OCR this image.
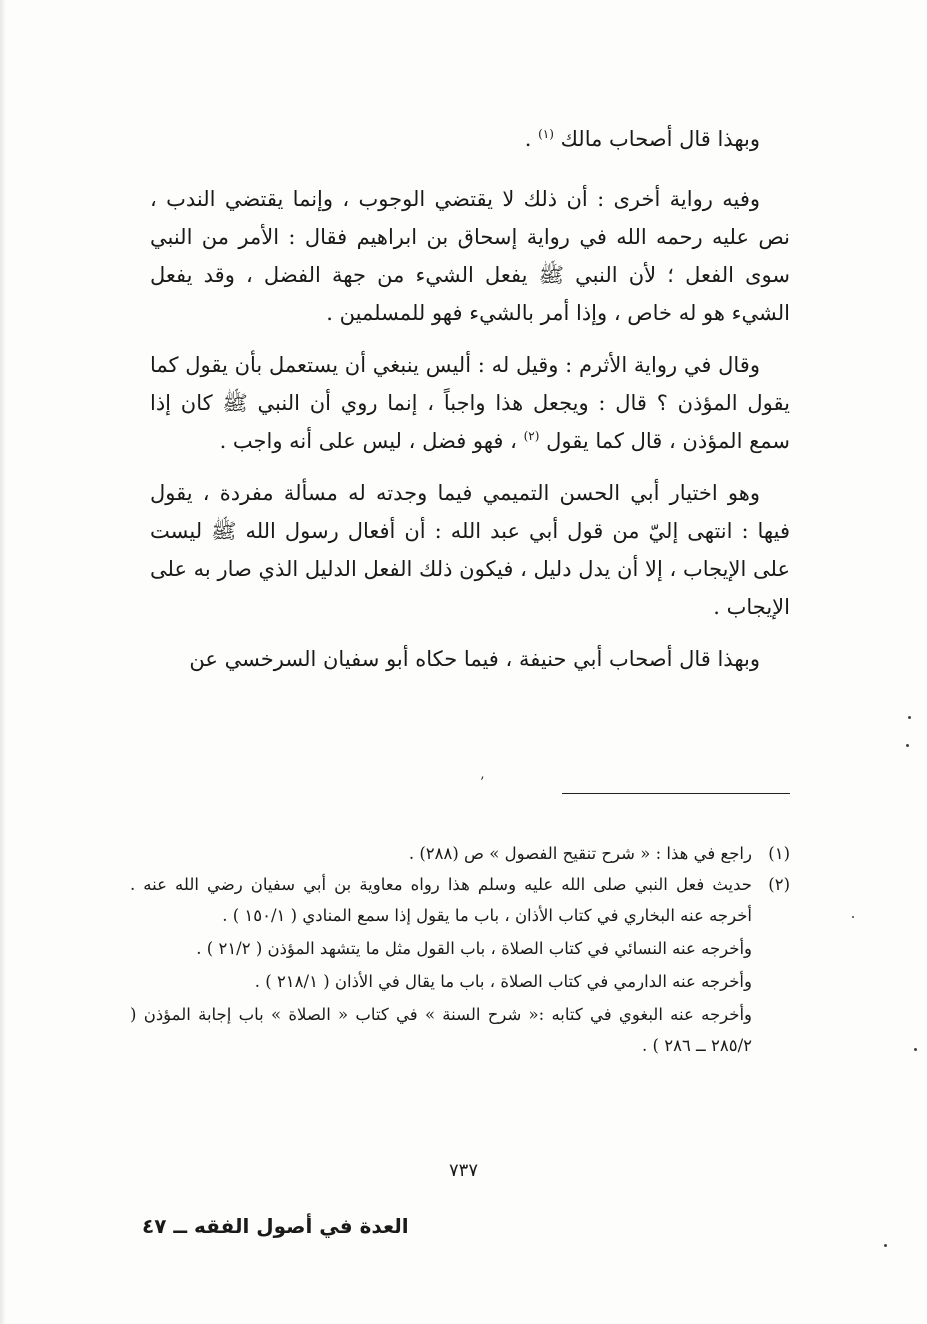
وبهذا قال أصحاب مالك $^{(١)}$ .

وفيه رواية أخرى : أن ذلك لا يقتضي الوجوب ، وإنما يقتضي الندب ، نص عليه رحمه الله في رواية إسحاق بن ابراهيم فقال : الأمر من النبي سوى الفعل ؛ لأن النبي ﷺ يفعل الشيء من جهة الفضل ، وقد يفعل الشيء هو له خاص ، وإذا أمر بالشيء فهو للمسلمين .

وقال في رواية الأثرم : وقيل له : أليس ينبغي أن يستعمل بأن يقول كما يقول المؤذن ؟ قال : ويجعل هذا واجباً ، إنما روي أن النبي ﷺ كان إذا سمع المؤذن ، قال كما يقول $^{(٢)}$ ، فهو فضل ، ليس على أنه واجب .

وهو اختيار أبي الحسن التميمي فيما وجدته له مسألة مفردة ، يقول فيها : انتهى إليّ من قول أبي عبد الله : أن أفعال رسول الله ﷺ ليست على الإيجاب ، إلا أن يدل دليل ، فيكون ذلك الفعل الدليل الذي صار به على الإيجاب .

وبهذا قال أصحاب أبي حنيفة ، فيما حكاه أبو سفيان السرخسي عن

ʼ
(١)

راجع في هذا : « شرح تنقيح الفصول » ص (٢٨٨) .

(٢)

حديث فعل النبي صلى الله عليه وسلم هذا رواه معاوية بن أبي سفيان رضي الله عنه . أخرجه عنه البخاري في كتاب الأذان ، باب ما يقول إذا سمع المنادي ( ١٥٠/١ ) .

وأخرجه عنه النسائي في كتاب الصلاة ، باب القول مثل ما يتشهد المؤذن ( ٢١/٢ ) .

وأخرجه عنه الدارمي في كتاب الصلاة ، باب ما يقال في الأذان ( ٢١٨/١ ) .

وأخرجه عنه البغوي في كتابه :« شرح السنة » في كتاب « الصلاة » باب إجابة المؤذن ( ٢٨٥/٢ ــ ٢٨٦ ) .

٧٣٧
العدة في أصول الفقه ــ ٤٧
